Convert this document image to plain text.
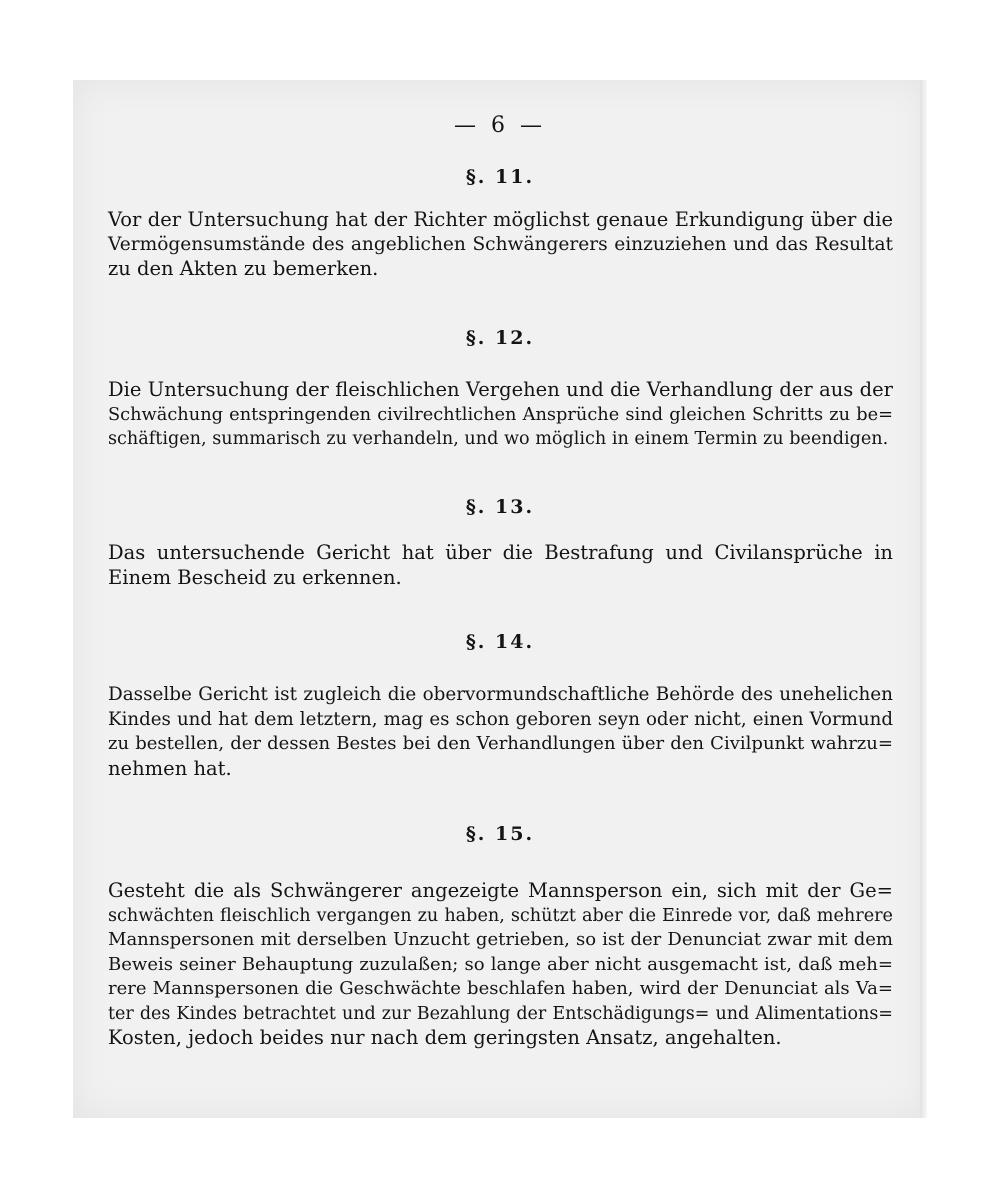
— 6 —
§. 11.
Vor der Untersuchung hat der Richter möglichst genaue Erkundigung über die
Vermögensumstände des angeblichen Schwängerers einzuziehen und das Resultat
zu den Akten zu bemerken.
§. 12.
Die Untersuchung der fleischlichen Vergehen und die Verhandlung der aus der
Schwächung entspringenden civilrechtlichen Ansprüche sind gleichen Schritts zu be=
schäftigen, summarisch zu verhandeln, und wo möglich in einem Termin zu beendigen.
§. 13.
Das untersuchende Gericht hat über die Bestrafung und Civilansprüche in
Einem Bescheid zu erkennen.
§. 14.
Dasselbe Gericht ist zugleich die obervormundschaftliche Behörde des unehelichen
Kindes und hat dem letztern, mag es schon geboren seyn oder nicht, einen Vormund
zu bestellen, der dessen Bestes bei den Verhandlungen über den Civilpunkt wahrzu=
nehmen hat.
§. 15.
Gesteht die als Schwängerer angezeigte Mannsperson ein, sich mit der Ge=
schwächten fleischlich vergangen zu haben, schützt aber die Einrede vor, daß mehrere
Mannspersonen mit derselben Unzucht getrieben, so ist der Denunciat zwar mit dem
Beweis seiner Behauptung zuzulaßen; so lange aber nicht ausgemacht ist, daß meh=
rere Mannspersonen die Geschwächte beschlafen haben, wird der Denunciat als Va=
ter des Kindes betrachtet und zur Bezahlung der Entschädigungs= und Alimentations=
Kosten, jedoch beides nur nach dem geringsten Ansatz, angehalten.
